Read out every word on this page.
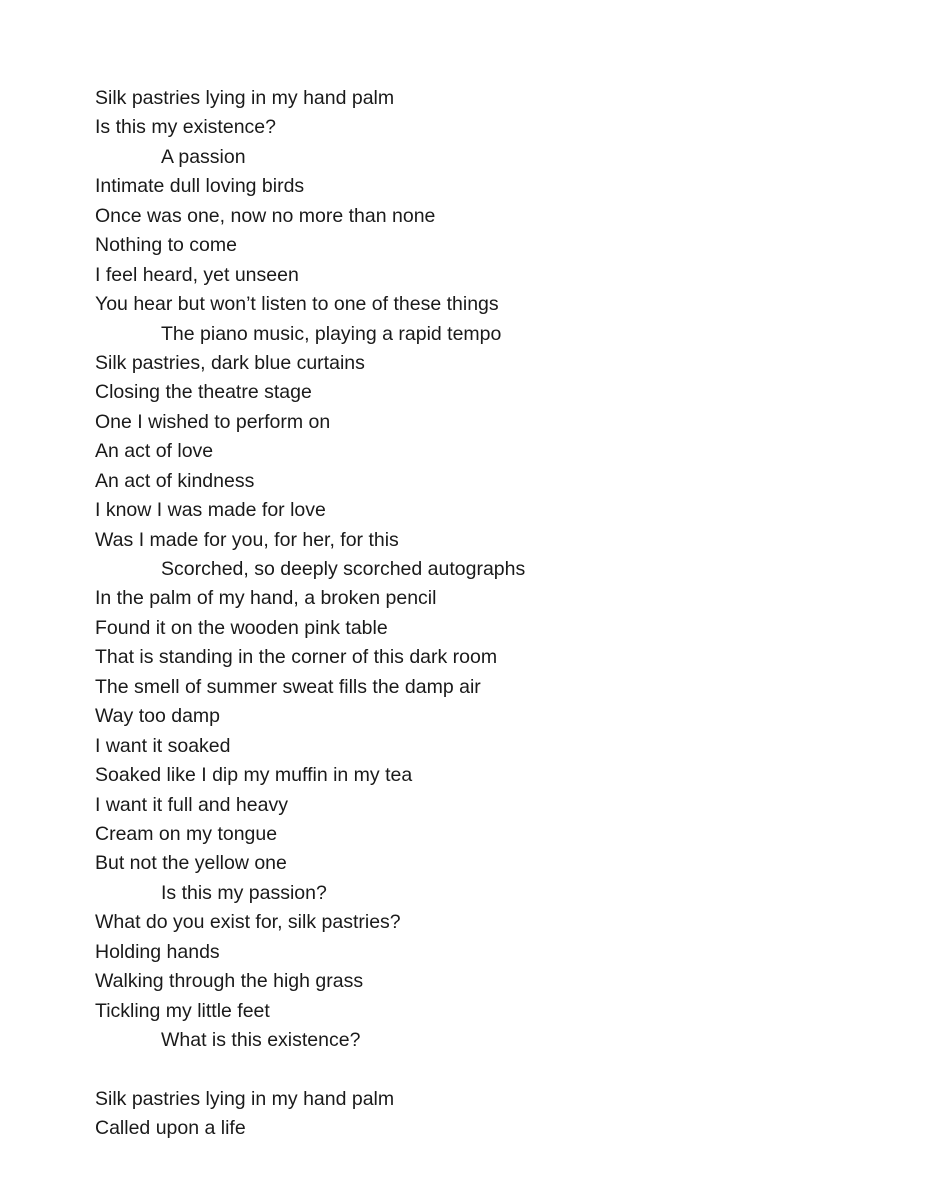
Silk pastries lying in my hand palm
Is this my existence?
A passion
Intimate dull loving birds
Once was one, now no more than none
Nothing to come
I feel heard, yet unseen
You hear but won’t listen to one of these things
The piano music, playing a rapid tempo
Silk pastries, dark blue curtains
Closing the theatre stage
One I wished to perform on
An act of love
An act of kindness
I know I was made for love
Was I made for you, for her, for this
Scorched, so deeply scorched autographs
In the palm of my hand, a broken pencil
Found it on the wooden pink table
That is standing in the corner of this dark room
The smell of summer sweat fills the damp air
Way too damp
I want it soaked
Soaked like I dip my muffin in my tea
I want it full and heavy
Cream on my tongue
But not the yellow one
Is this my passion?
What do you exist for, silk pastries?
Holding hands
Walking through the high grass
Tickling my little feet
What is this existence?
Silk pastries lying in my hand palm
Called upon a life
